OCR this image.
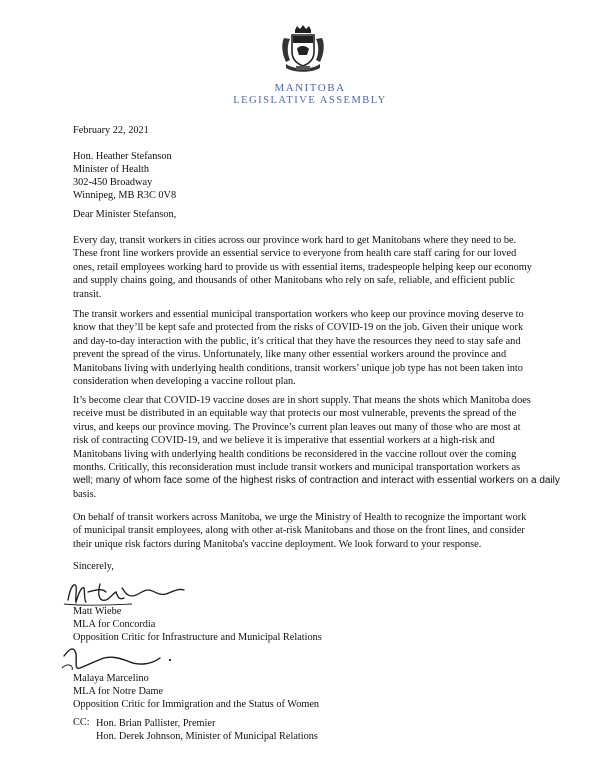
MANITOBA
LEGISLATIVE ASSEMBLY

February 22, 2021

Hon. Heather Stefanson
Minister of Health
302-450 Broadway
Winnipeg, MB R3C 0V8

Dear Minister Stefanson,

Every day, transit workers in cities across our province work hard to get Manitobans where they need to be.
These front line workers provide an essential service to everyone from health care staff caring for our loved
ones, retail employees working hard to provide us with essential items, tradespeople helping keep our economy
and supply chains going, and thousands of other Manitobans who rely on safe, reliable, and efficient public
transit.
The transit workers and essential municipal transportation workers who keep our province moving deserve to
know that they’ll be kept safe and protected from the risks of COVID-19 on the job. Given their unique work
and day-to-day interaction with the public, it’s critical that they have the resources they need to stay safe and
prevent the spread of the virus. Unfortunately, like many other essential workers around the province and
Manitobans living with underlying health conditions, transit workers’ unique job type has not been taken into
consideration when developing a vaccine rollout plan.
It’s become clear that COVID-19 vaccine doses are in short supply. That means the shots which Manitoba does
receive must be distributed in an equitable way that protects our most vulnerable, prevents the spread of the
virus, and keeps our province moving. The Province’s current plan leaves out many of those who are most at
risk of contracting COVID-19, and we believe it is imperative that essential workers at a high-risk and
Manitobans living with underlying health conditions be reconsidered in the vaccine rollout over the coming
months. Critically, this reconsideration must include transit workers and municipal transportation workers as
well; many of whom face some of the highest risks of contraction and interact with essential workers on a daily
basis.
On behalf of transit workers across Manitoba, we urge the Ministry of Health to recognize the important work
of municipal transit employees, along with other at-risk Manitobans and those on the front lines, and consider
their unique risk factors during Manitoba's vaccine deployment. We look forward to your response.

Sincerely,

Matt Wiebe
MLA for Concordia
Opposition Critic for Infrastructure and Municipal Relations
Malaya Marcelino
MLA for Notre Dame
Opposition Critic for Immigration and the Status of Women
CC: Hon. Brian Pallister, Premier
Hon. Derek Johnson, Minister of Municipal Relations
